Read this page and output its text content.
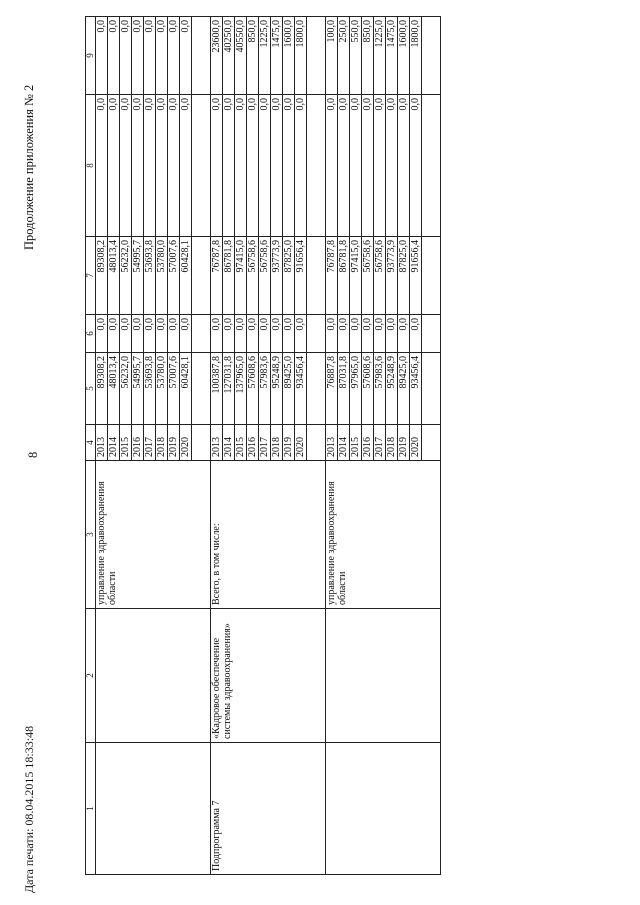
Продолжение приложения № 2
8
Дата печати: 08.04.2015 18:33:48	1	2	3	4	5	6	7	8	9
		управление здравоохранения области	2013	89308,2	0,0	89308,2	0,0	0,0
			2014	48013,4	0,0	48013,4	0,0	0,0
			2015	56232,0	0,0	56232,0	0,0	0,0
			2016	54995,7	0,0	54995,7	0,0	0,0
			2017	53693,8	0,0	53693,8	0,0	0,0
			2018	53780,0	0,0	53780,0	0,0	0,0
			2019	57007,6	0,0	57007,6	0,0	0,0
			2020	60428,1	0,0	60428,1	0,0	0,0

Подпрограмма 7	«Кадровое обеспечение системы здравоохранения»	Всего, в том числе:	2013	100387,8	0,0	76787,8	0,0	23600,0
			2014	127031,8	0,0	86781,8	0,0	40250,0
			2015	137965,0	0,0	97415,0	0,0	40550,0
			2016	57608,6	0,0	56758,6	0,0	850,0
			2017	57983,6	0,0	56758,6	0,0	1225,0
			2018	95248,9	0,0	93773,9	0,0	1475,0
			2019	89425,0	0,0	87825,0	0,0	1600,0
			2020	93456,4	0,0	91656,4	0,0	1800,0

		управление здравоохранения области	2013	76887,8	0,0	76787,8	0,0	100,0
			2014	87031,8	0,0	86781,8	0,0	250,0
			2015	97965,0	0,0	97415,0	0,0	550,0
			2016	57608,6	0,0	56758,6	0,0	850,0
			2017	57983,6	0,0	56758,6	0,0	1225,0
			2018	95248,9	0,0	93773,9	0,0	1475,0
			2019	89425,0	0,0	87825,0	0,0	1600,0
			2020	93456,4	0,0	91656,4	0,0	1800,0
